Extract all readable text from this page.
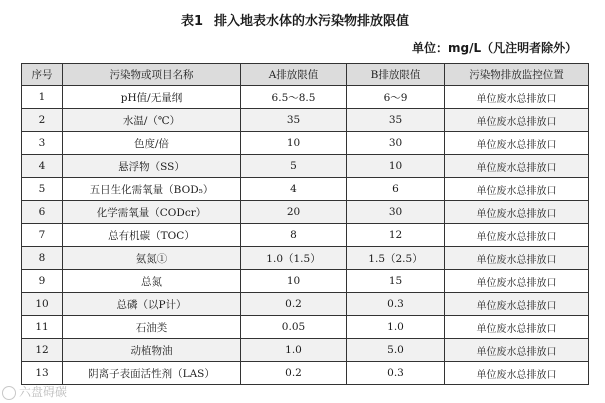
表1 排入地表水体的水污染物排放限值
单位：mg/L（凡注明者除外）
序号	污染物或项目名称	A排放限值	B排放限值	污染物排放监控位置
1	pH值/无量纲	6.5～8.5	6～9	单位废水总排放口
2	水温/（℃）	35	35	单位废水总排放口
3	色度/倍	10	30	单位废水总排放口
4	悬浮物（SS）	5	10	单位废水总排放口
5	五日生化需氧量（BOD₅）	4	6	单位废水总排放口
6	化学需氧量（CODcr）	20	30	单位废水总排放口
7	总有机碳（TOC）	8	12	单位废水总排放口
8	氨氮①	1.0（1.5）	1.5（2.5）	单位废水总排放口
9	总氮	10	15	单位废水总排放口
10	总磷（以P计）	0.2	0.3	单位废水总排放口
11	石油类	0.05	1.0	单位废水总排放口
12	动植物油	1.0	5.0	单位废水总排放口
13	阴离子表面活性剂（LAS）	0.2	0.3	单位废水总排放口
六盘碍碳
